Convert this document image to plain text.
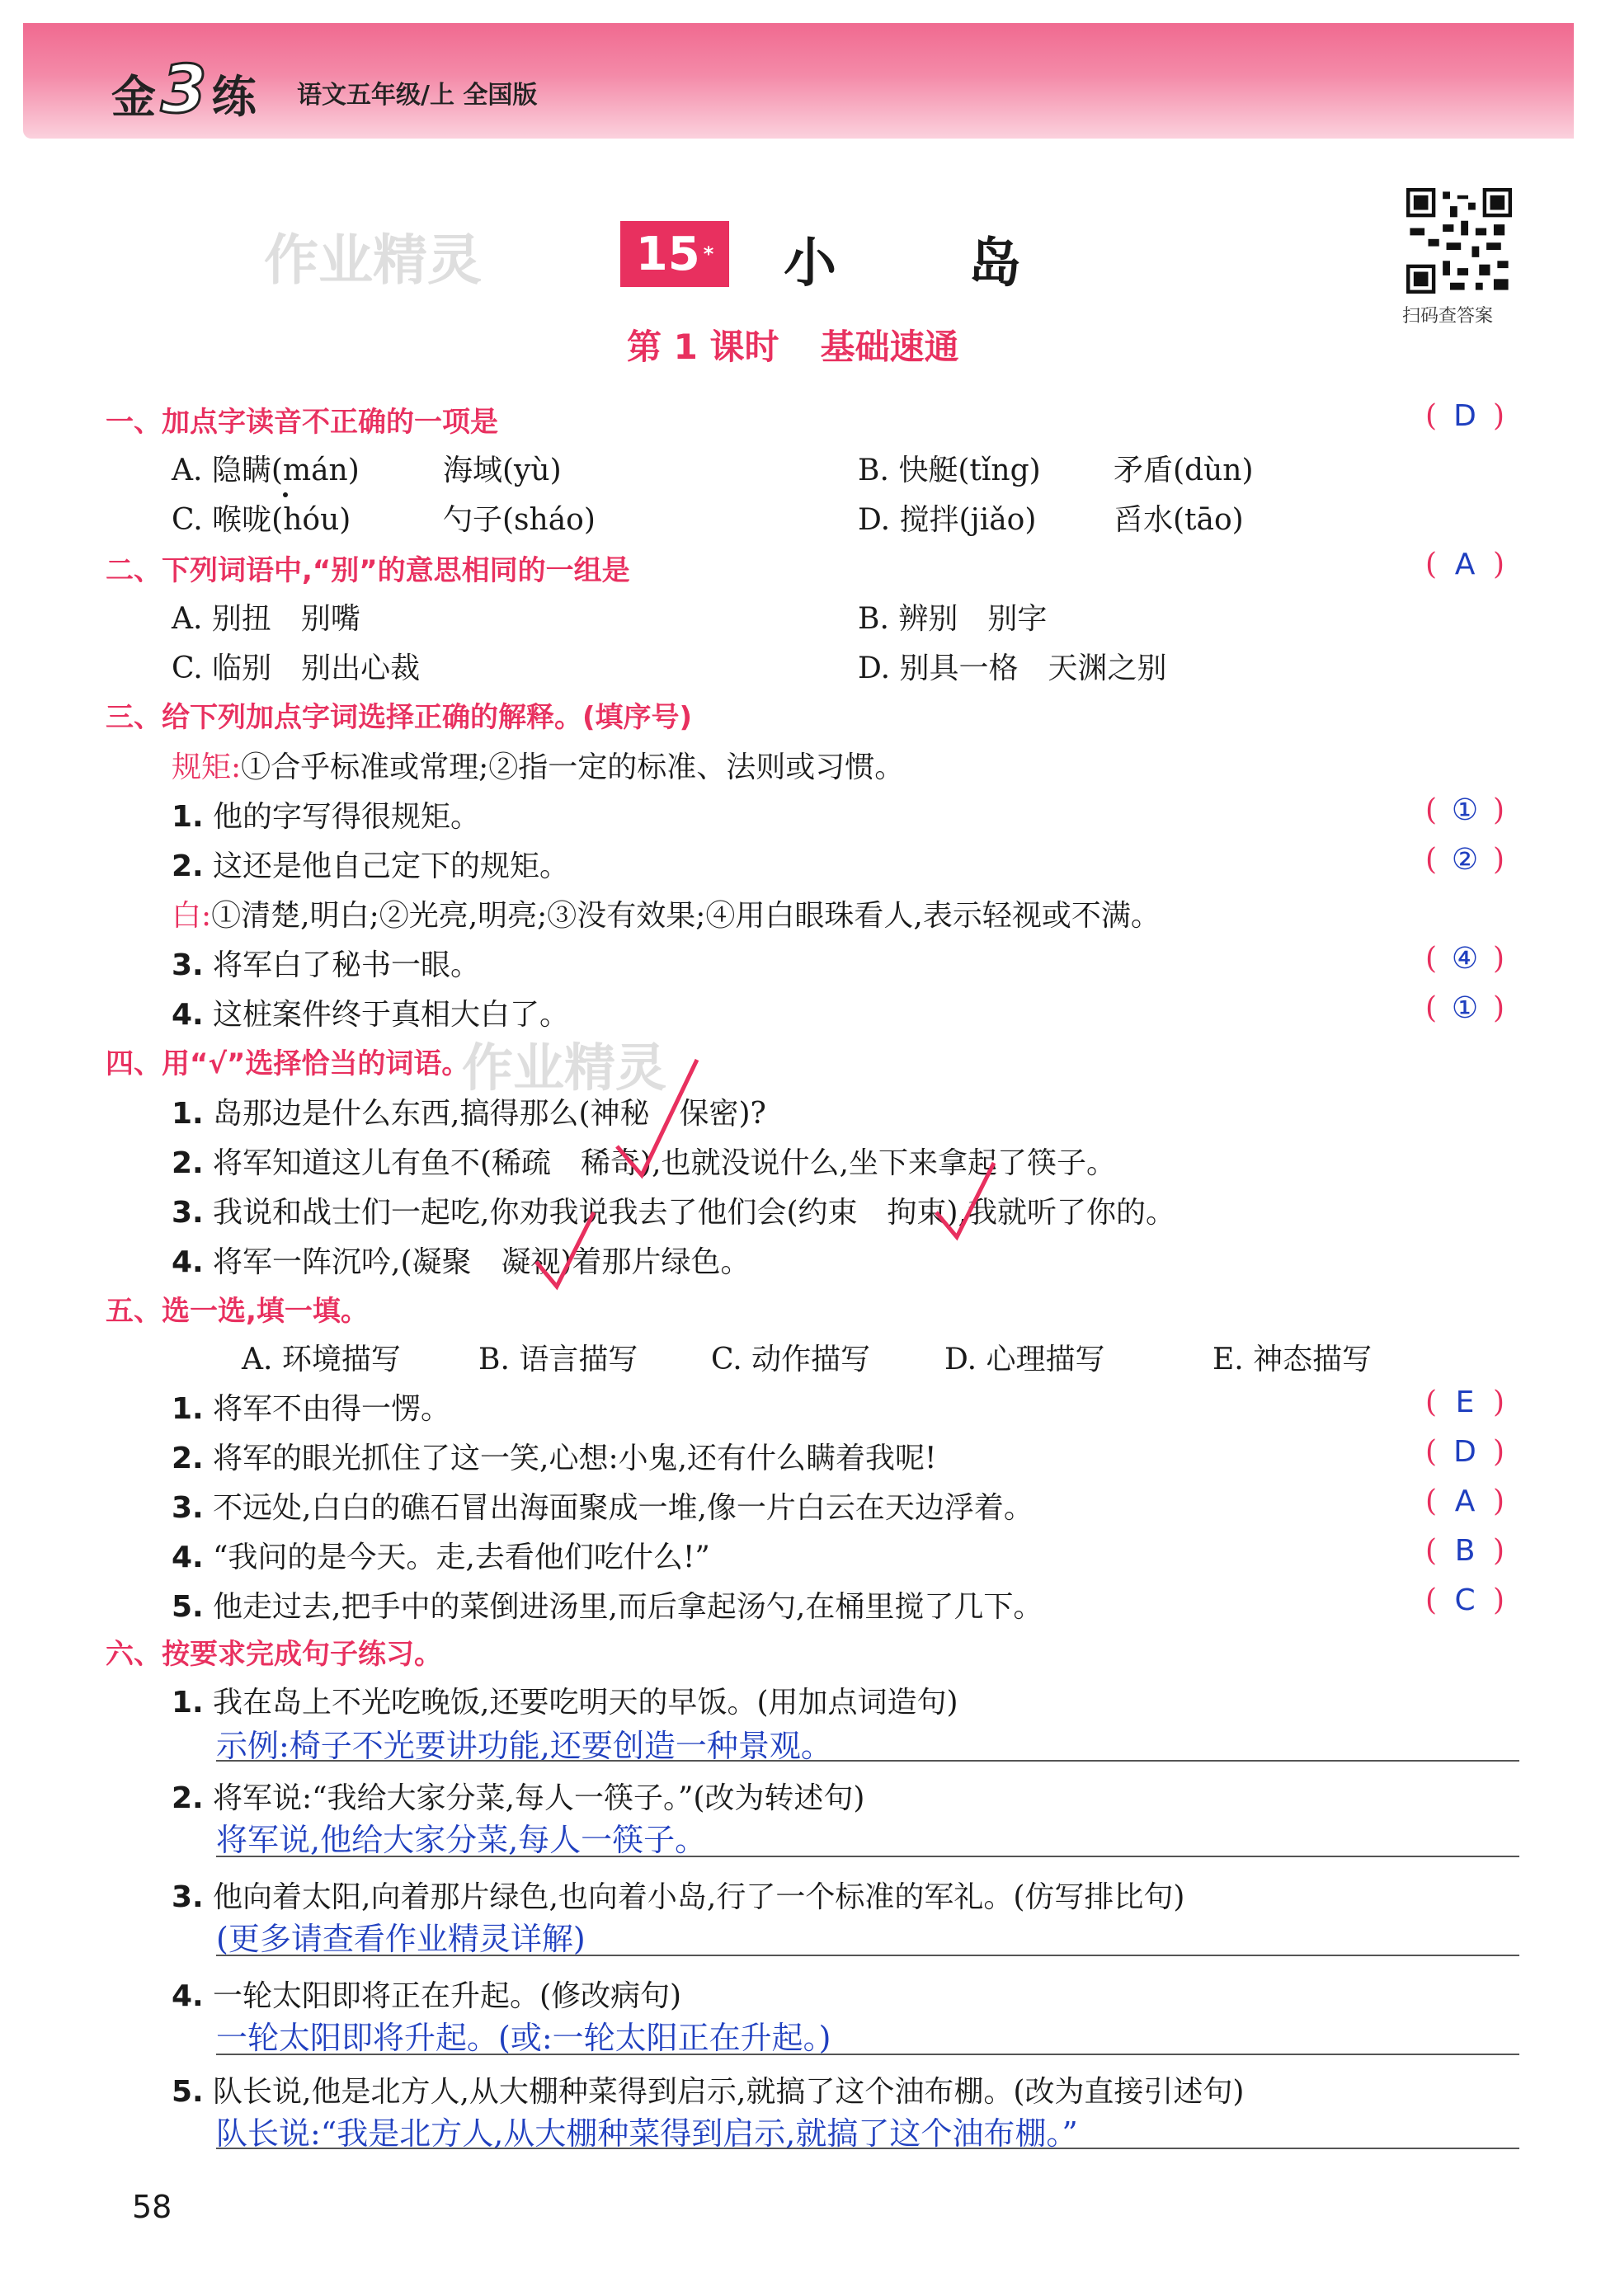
金3练 语文五年级/上 全国版
作业精灵
作业精灵
15 * 小岛
第 1 课时 基础速通
扫码查答案
一、加点字读音不正确的一项是	( D )
A. 隐瞒(mán)	海域(yù)	B. 快艇(tǐng) 矛盾(dùn)
C. 喉咙(hóu)	勺子(sháo)	D. 搅拌(jiǎo)	舀水(tāo)
二、下列词语中,“别”的意思相同的一组是	( A )
A. 别扭　别嘴	B. 辨别　别字
C. 临别　别出心裁	D. 别具一格　天渊之别
三、给下列加点字词选择正确的解释。(填序号)
规矩:①合乎标准或常理;②指一定的标准、法则或习惯。
1. 他的字写得很规矩。	( ① )
2. 这还是他自己定下的规矩。	( ② )
白:①清楚,明白;②光亮,明亮;③没有效果;④用白眼珠看人,表示轻视或不满。
3. 将军白了秘书一眼。	( ④ )
4. 这桩案件终于真相大白了。	( ① )
四、用“√”选择恰当的词语。
1. 岛那边是什么东西,搞得那么(神秘　保密)?
2. 将军知道这儿有鱼不(稀疏　稀奇),也就没说什么,坐下来拿起了筷子。
3. 我说和战士们一起吃,你劝我说我去了他们会(约束　拘束),我就听了你的。
4. 将军一阵沉吟,(凝聚　凝视)着那片绿色。
五、选一选,填一填。
A. 环境描写	B. 语言描写 C. 动作描写 D. 心理描写	E. 神态描写
1. 将军不由得一愣。	( E )
2. 将军的眼光抓住了这一笑,心想:小鬼,还有什么瞒着我呢!	( D )
3. 不远处,白白的礁石冒出海面聚成一堆,像一片白云在天边浮着。	( A )
4. “我问的是今天。走,去看他们吃什么!”	( B )
5. 他走过去,把手中的菜倒进汤里,而后拿起汤勺,在桶里搅了几下。	( C )
六、按要求完成句子练习。
1. 我在岛上不光吃晚饭,还要吃明天的早饭。(用加点词造句)
示例:椅子不光要讲功能,还要创造一种景观。
2. 将军说:“我给大家分菜,每人一筷子。”(改为转述句)
将军说,他给大家分菜,每人一筷子。
3. 他向着太阳,向着那片绿色,也向着小岛,行了一个标准的军礼。(仿写排比句)
(更多请查看作业精灵详解)
4. 一轮太阳即将正在升起。(修改病句)
一轮太阳即将升起。(或:一轮太阳正在升起。)
5. 队长说,他是北方人,从大棚种菜得到启示,就搞了这个油布棚。(改为直接引述句)
队长说:“我是北方人,从大棚种菜得到启示,就搞了这个油布棚。”
58
